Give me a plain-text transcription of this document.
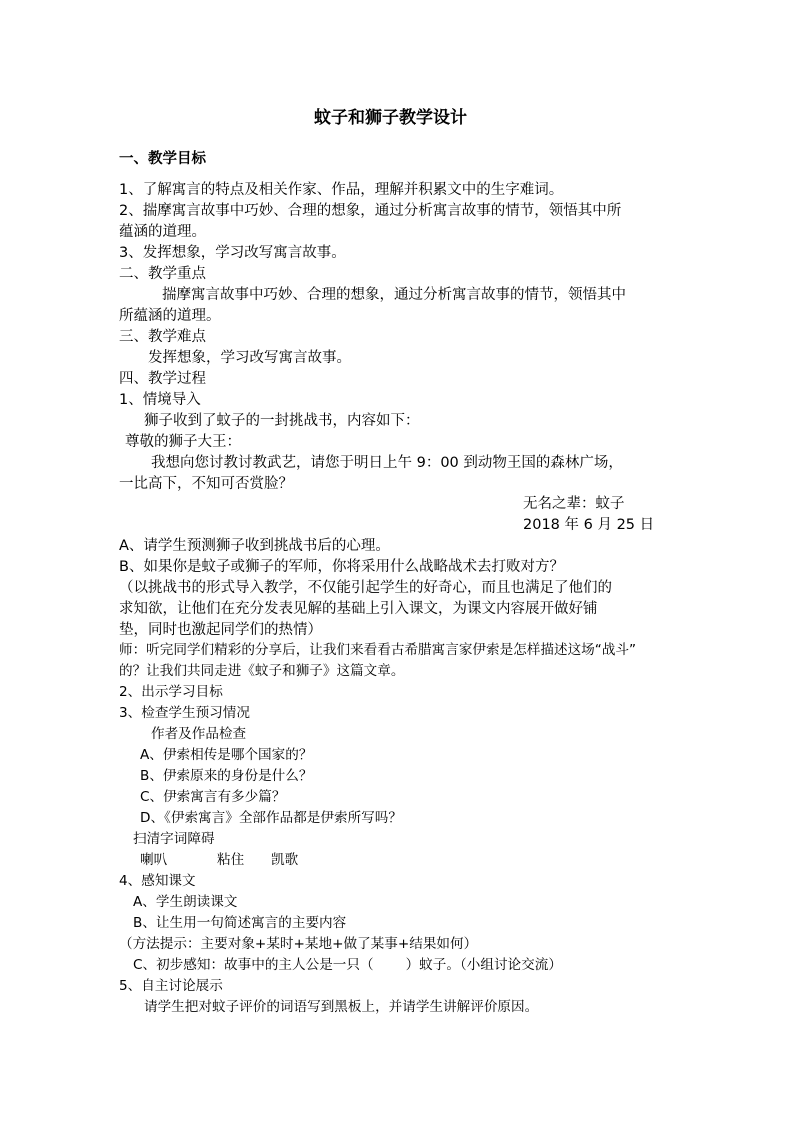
蚊子和狮子教学设计
一、教学目标
1、了解寓言的特点及相关作家、作品，理解并积累文中的生字难词。
2、揣摩寓言故事中巧妙、合理的想象，通过分析寓言故事的情节，领悟其中所
蕴涵的道理。
3、发挥想象，学习改写寓言故事。
二、教学重点
揣摩寓言故事中巧妙、合理的想象，通过分析寓言故事的情节，领悟其中
所蕴涵的道理。
三、教学难点
发挥想象，学习改写寓言故事。
四、教学过程
1、情境导入
狮子收到了蚊子的一封挑战书，内容如下：
尊敬的狮子大王：
我想向您讨教讨教武艺，请您于明日上午 9：00 到动物王国的森林广场，
一比高下，不知可否赏脸？
无名之辈：蚊子
2018 年 6 月 25 日
A、请学生预测狮子收到挑战书后的心理。
B、如果你是蚊子或狮子的军师，你将采用什么战略战术去打败对方？
（以挑战书的形式导入教学，不仅能引起学生的好奇心，而且也满足了他们的
求知欲，让他们在充分发表见解的基础上引入课文，为课文内容展开做好铺
垫，同时也激起同学们的热情）
师：听完同学们精彩的分享后，让我们来看看古希腊寓言家伊索是怎样描述这场“战斗”
的？让我们共同走进《蚊子和狮子》这篇文章。
2、出示学习目标
3、检查学生预习情况
作者及作品检查
A、伊索相传是哪个国家的？
B、伊索原来的身份是什么？
C、伊索寓言有多少篇？
D、《伊索寓言》全部作品都是伊索所写吗？
扫清字词障碍
喇叭	粘住 凯歌
4、感知课文
A、学生朗读课文
B、让生用一句简述寓言的主要内容
（方法提示：主要对象+某时+某地+做了某事+结果如何）
C、初步感知：故事中的主人公是一只（ ）蚊子。（小组讨论交流）
5、自主讨论展示
请学生把对蚊子评价的词语写到黑板上，并请学生讲解评价原因。
